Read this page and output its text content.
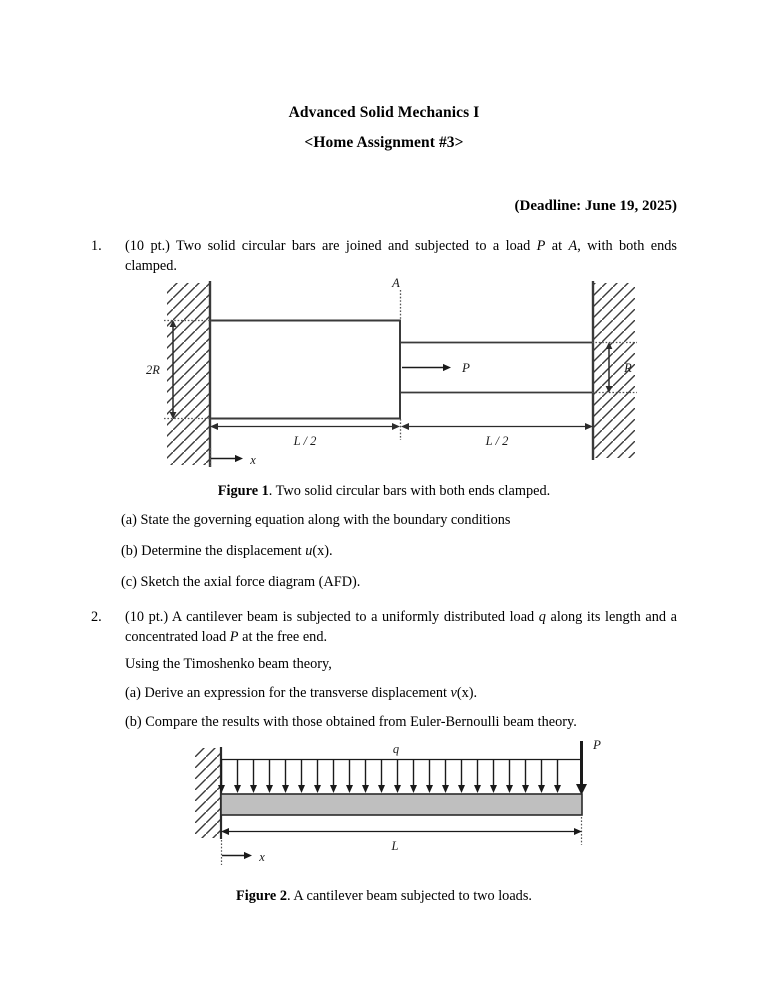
Advanced Solid Mechanics I
<Home Assignment #3>
(Deadline: June 19, 2025)
1.	(10 pt.) Two solid circular bars are joined and subjected to a load P at A, with both ends clamped.
A
2R	R
P
L / 2	L / 2
x
Figure 1. Two solid circular bars with both ends clamped.
(a) State the governing equation along with the boundary conditions
(b) Determine the displacement u(x).
(c) Sketch the axial force diagram (AFD).
2.	(10 pt.) A cantilever beam is subjected to a uniformly distributed load q along its length and a concentrated load P at the free end.
Using the Timoshenko beam theory,
(a) Derive an expression for the transverse displacement v(x).
(b) Compare the results with those obtained from Euler-Bernoulli beam theory.
q	P
L
x
Figure 2. A cantilever beam subjected to two loads.
